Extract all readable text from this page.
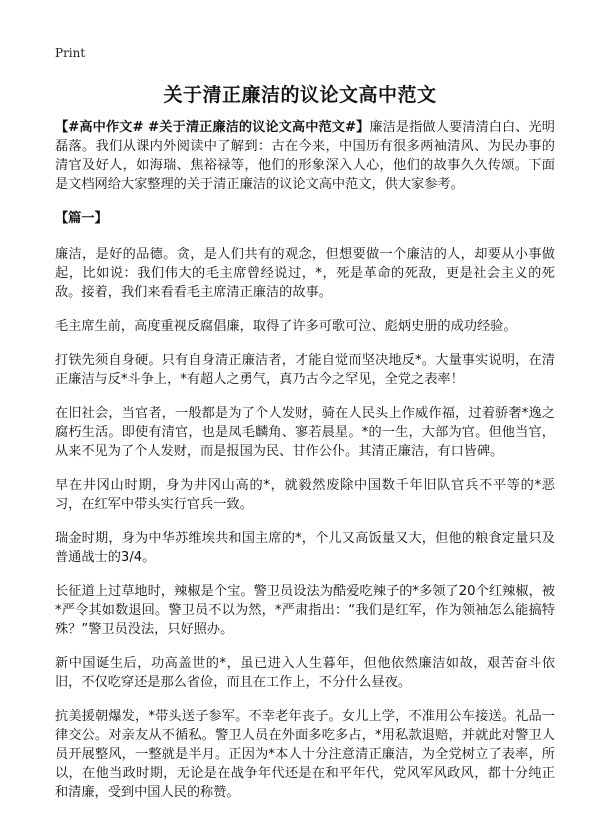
Print
关于清正廉洁的议论文高中范文

【#高中作文# #关于清正廉洁的议论文高中范文#】廉洁是指做人要清清白白、光明磊落。我们从课内外阅读中了解到：古在今来，中国历有很多两袖清风、为民办事的清官及好人，如海瑞、焦裕禄等，他们的形象深入人心，他们的故事久久传颂。下面是文档网给大家整理的关于清正廉洁的议论文高中范文，供大家参考。

【篇一】

廉洁，是好的品德。贪，是人们共有的观念，但想要做一个廉洁的人，却要从小事做起，比如说：我们伟大的毛主席曾经说过，*，死是革命的死敌，更是社会主义的死敌。接着，我们来看看毛主席清正廉洁的故事。

毛主席生前，高度重视反腐倡廉，取得了许多可歌可泣、彪炳史册的成功经验。

打铁先须自身硬。只有自身清正廉洁者，才能自觉而坚决地反*。大量事实说明，在清正廉洁与反*斗争上，*有超人之勇气，真乃古今之罕见，全党之表率！

在旧社会，当官者，一般都是为了个人发财，骑在人民头上作威作福，过着骄奢*逸之腐朽生活。即使有清官，也是凤毛麟角、寥若晨星。*的一生，大部为官。但他当官，从来不见为了个人发财，而是报国为民、甘作公仆。其清正廉洁，有口皆碑。

早在井冈山时期，身为井冈山高的*，就毅然废除中国数千年旧队官兵不平等的*恶习，在红军中带头实行官兵一致。

瑞金时期，身为中华苏维埃共和国主席的*，个儿又高饭量又大，但他的粮食定量只及普通战士的3/4。

长征道上过草地时，辣椒是个宝。警卫员设法为酷爱吃辣子的*多领了20个红辣椒，被*严令其如数退回。警卫员不以为然，*严肃指出：“我们是红军，作为领袖怎么能搞特殊？”警卫员没法，只好照办。

新中国诞生后，功高盖世的*，虽已进入人生暮年，但他依然廉洁如故，艰苦奋斗依旧，不仅吃穿还是那么省俭，而且在工作上，不分什么昼夜。

抗美援朝爆发，*带头送子参军。不幸老年丧子。女儿上学，不准用公车接送。礼品一律交公。对亲友从不循私。警卫人员在外面多吃多占，*用私款退赔，并就此对警卫人员开展整风，一整就是半月。正因为*本人十分注意清正廉洁，为全党树立了表率，所以，在他当政时期，无论是在战争年代还是在和平年代，党风军风政风，都十分纯正和清廉，受到中国人民的称赞。
